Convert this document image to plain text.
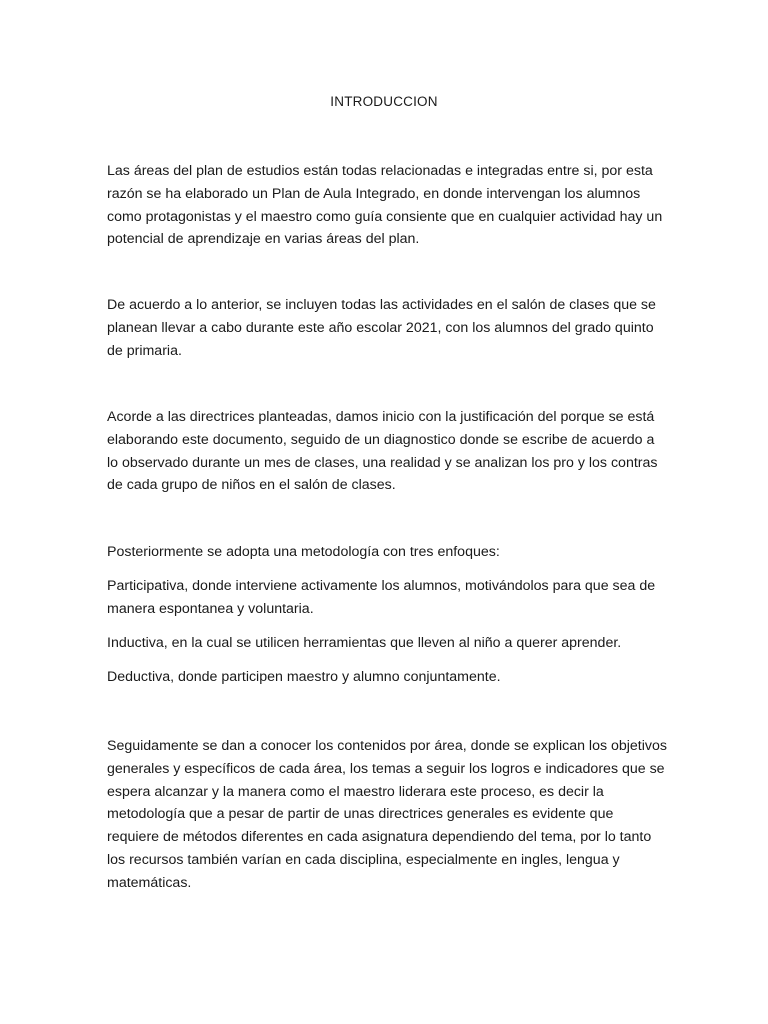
INTRODUCCION

Las áreas del plan de estudios están todas relacionadas e integradas entre si, por esta razón se ha elaborado un Plan de Aula Integrado, en donde intervengan los alumnos como protagonistas y el maestro como guía consiente que en cualquier actividad hay un potencial de aprendizaje en varias áreas del plan.

De acuerdo a lo anterior, se incluyen todas las actividades en el salón de clases que se planean llevar a cabo durante este año escolar 2021, con los alumnos del grado quinto de primaria.

Acorde a las directrices planteadas, damos inicio con la justificación del porque se está elaborando este documento, seguido de un diagnostico donde se escribe de acuerdo a lo observado durante un mes de clases, una realidad y se analizan los pro y los contras de cada grupo de niños en el salón de clases.

Posteriormente se adopta una metodología con tres enfoques:

Participativa, donde interviene activamente los alumnos, motivándolos para que sea de manera espontanea y voluntaria.

Inductiva, en la cual se utilicen herramientas que lleven al niño a querer aprender.

Deductiva, donde participen maestro y alumno conjuntamente.

Seguidamente se dan a conocer los contenidos por área, donde se explican los objetivos generales y específicos de cada área, los temas a seguir los logros e indicadores que se espera alcanzar y la manera como el maestro liderara este proceso, es decir la metodología que a pesar de partir de unas directrices generales es evidente que requiere de métodos diferentes en cada asignatura dependiendo del tema, por lo tanto los recursos también varían en cada disciplina, especialmente en ingles, lengua y matemáticas.
